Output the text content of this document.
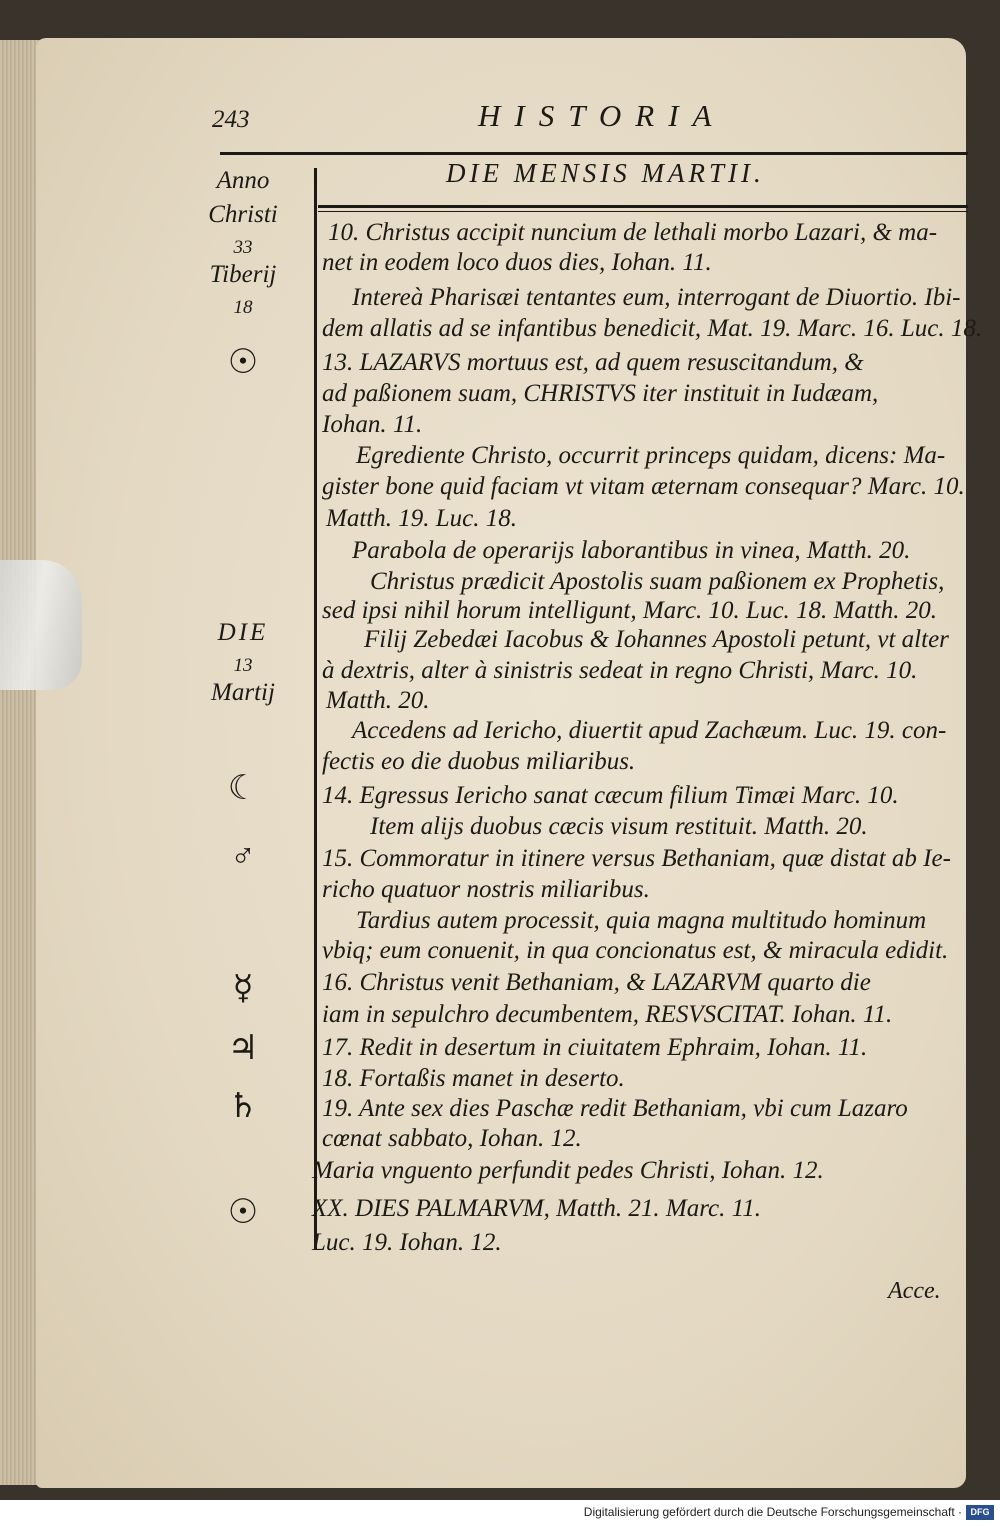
243	HISTORIA
DIE MENSIS MARTII.
Anno
Christi
33
Tiberij
18
☉
DIE
13
Martij
☾
♂
☿
♃
♄
☉
10. Christus accipit nuncium de lethali morbo Lazari, & ma-
net in eodem loco duos dies, Iohan. 11.
Intereà Pharisæi tentantes eum, interrogant de Diuortio. Ibi-
dem allatis ad se infantibus benedicit, Mat. 19. Marc. 16. Luc. 18.
13. LAZARVS mortuus est, ad quem resuscitandum, &
ad paßionem suam, CHRISTVS iter instituit in Iudæam,
Iohan. 11.
Egrediente Christo, occurrit princeps quidam, dicens: Ma-
gister bone quid faciam vt vitam æternam consequar? Marc. 10.
Matth. 19. Luc. 18.
Parabola de operarijs laborantibus in vinea, Matth. 20.
Christus prædicit Apostolis suam paßionem ex Prophetis,
sed ipsi nihil horum intelligunt, Marc. 10. Luc. 18. Matth. 20.
Filij Zebedæi Iacobus & Iohannes Apostoli petunt, vt alter
à dextris, alter à sinistris sedeat in regno Christi, Marc. 10.
Matth. 20.
Accedens ad Iericho, diuertit apud Zachæum. Luc. 19. con-
fectis eo die duobus miliaribus.
14. Egressus Iericho sanat cæcum filium Timæi Marc. 10.
Item alijs duobus cæcis visum restituit. Matth. 20.
15. Commoratur in itinere versus Bethaniam, quæ distat ab Ie-
richo quatuor nostris miliaribus.
Tardius autem processit, quia magna multitudo hominum
vbiq; eum conuenit, in qua concionatus est, & miracula edidit.
16. Christus venit Bethaniam, & LAZARVM quarto die
iam in sepulchro decumbentem, RESVSCITAT. Iohan. 11.
17. Redit in desertum in ciuitatem Ephraim, Iohan. 11.
18. Fortaßis manet in deserto.
19. Ante sex dies Paschæ redit Bethaniam, vbi cum Lazaro
cœnat sabbato, Iohan. 12.
Maria vnguento perfundit pedes Christi, Iohan. 12.
XX. DIES PALMARVM, Matth. 21. Marc. 11.
Luc. 19. Iohan. 12.
Acce.
Digitalisierung gefördert durch die Deutsche Forschungsgemeinschaft · DFG
